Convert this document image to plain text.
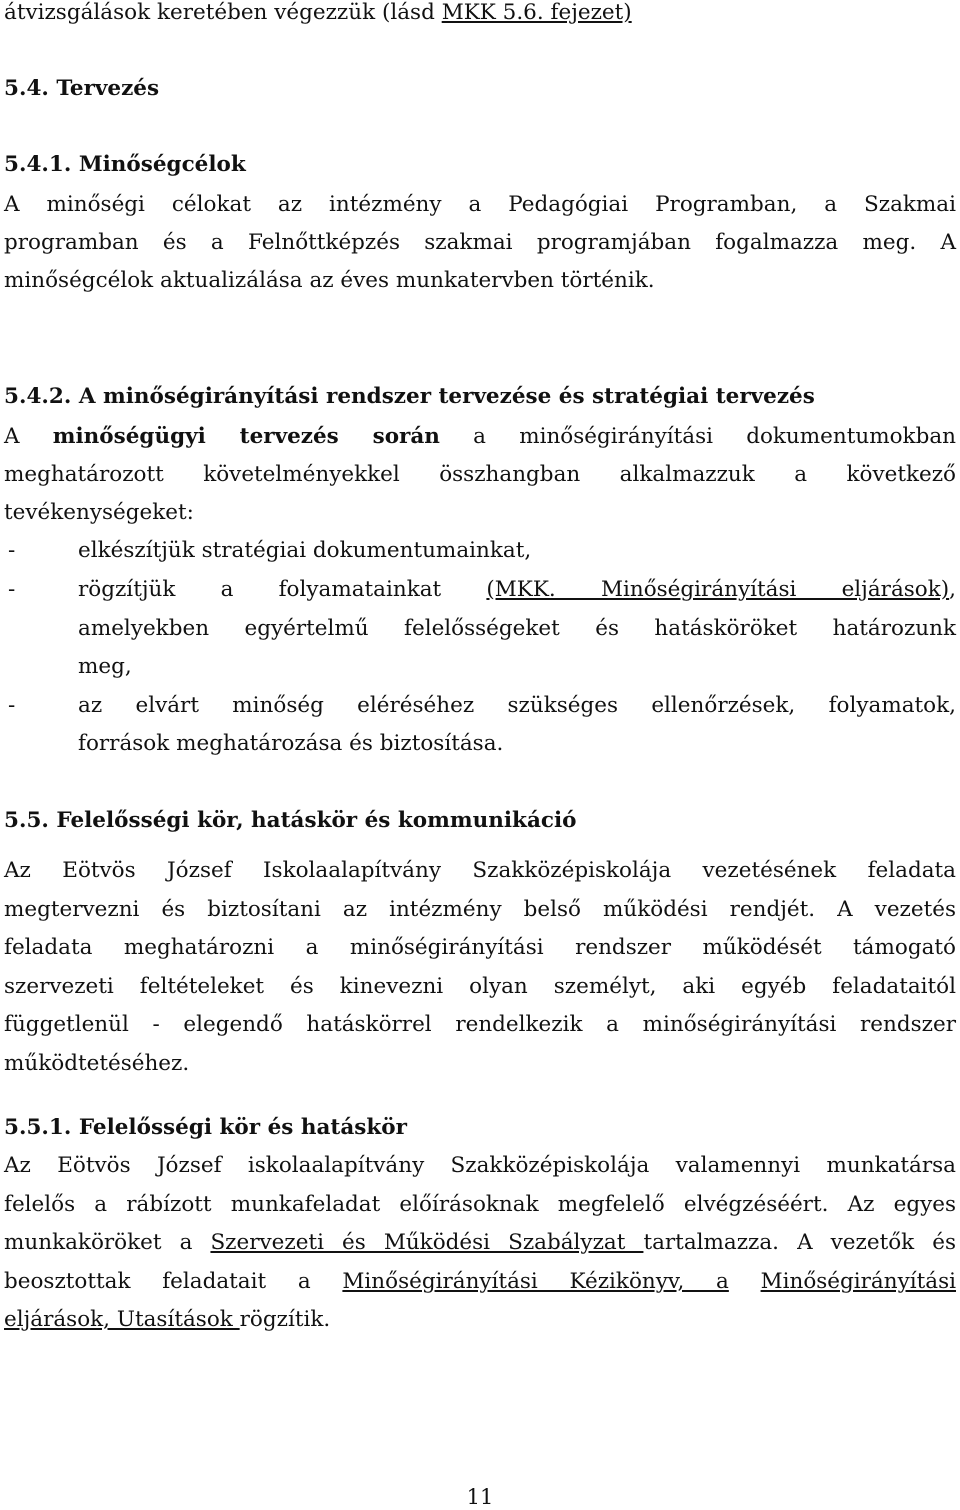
átvizsgálások keretében végezzük (lásd MKK 5.6. fejezet)

5.4. Tervezés

5.4.1. Minőségcélok

A minőségi célokat az intézmény a Pedagógiai Programban, a Szakmai

programban és a Felnőttképzés szakmai programjában fogalmazza meg. A

minőségcélok aktualizálása az éves munkatervben történik.

5.4.2. A minőségirányítási rendszer tervezése és stratégiai tervezés

A minőségügyi tervezés során a minőségirányítási dokumentumokban

meghatározott követelményekkel összhangban alkalmazzuk a következő

tevékenységeket:

-	elkészítjük stratégiai dokumentumainkat,

-	rögzítjük a folyamatainkat (MKK. Minőségirányítási eljárások),

amelyekben egyértelmű felelősségeket és hatásköröket határozunk

meg,

-	az elvárt minőség eléréséhez szükséges ellenőrzések, folyamatok,

források meghatározása és biztosítása.

5.5. Felelősségi kör, hatáskör és kommunikáció

Az Eötvös József Iskolaalapítvány Szakközépiskolája vezetésének feladata

megtervezni és biztosítani az intézmény belső működési rendjét. A vezetés

feladata meghatározni a minőségirányítási rendszer működését támogató

szervezeti feltételeket és kinevezni olyan személyt, aki egyéb feladataitól

függetlenül - elegendő hatáskörrel rendelkezik a minőségirányítási rendszer

működtetéséhez.

5.5.1. Felelősségi kör és hatáskör

Az Eötvös József iskolaalapítvány Szakközépiskolája valamennyi munkatársa

felelős a rábízott munkafeladat előírásoknak megfelelő elvégzéséért. Az egyes

munkaköröket a Szervezeti és Működési Szabályzat tartalmazza. A vezetők és

beosztottak feladatait a Minőségirányítási Kézikönyv, a Minőségirányítási

eljárások, Utasítások rögzítik.

11
